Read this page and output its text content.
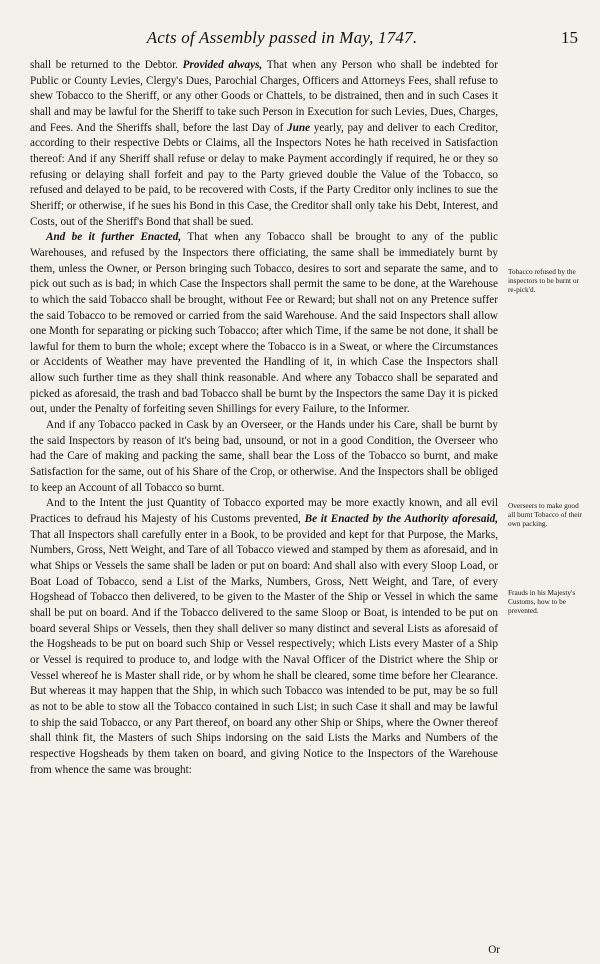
Acts of Assembly passed in May, 1747.	15

shall be returned to the Debtor. Provided always, That when any Person who shall be indebted for Public or County Levies, Clergy's Dues, Parochial Charges, Officers and Attorneys Fees, shall refuse to shew Tobacco to the Sheriff, or any other Goods or Chattels, to be distrained, then and in such Cases it shall and may be lawful for the Sheriff to take such Person in Execution for such Levies, Dues, Charges, and Fees. And the Sheriffs shall, before the last Day of June yearly, pay and deliver to each Creditor, according to their respective Debts or Claims, all the Inspectors Notes he hath received in Satisfaction thereof: And if any Sheriff shall refuse or delay to make Payment accordingly if required, he or they so refusing or delaying shall forfeit and pay to the Party grieved double the Value of the Tobacco, so refused and delayed to be paid, to be recovered with Costs, if the Party Creditor only inclines to sue the Sheriff; or otherwise, if he sues his Bond in this Case, the Creditor shall only take his Debt, Interest, and Costs, out of the Sheriff's Bond that shall be sued.

And be it further Enacted, That when any Tobacco shall be brought to any of the public Warehouses, and refused by the Inspectors there officiating, the same shall be immediately burnt by them, unless the Owner, or Person bringing such Tobacco, desires to sort and separate the same, and to pick out such as is bad; in which Case the Inspectors shall permit the same to be done, at the Warehouse to which the said Tobacco shall be brought, without Fee or Reward; but shall not on any Pretence suffer the said Tobacco to be removed or carried from the said Warehouse. And the said Inspectors shall allow one Month for separating or picking such Tobacco; after which Time, if the same be not done, it shall be lawful for them to burn the whole; except where the Tobacco is in a Sweat, or where the Circumstances or Accidents of Weather may have prevented the Handling of it, in which Case the Inspectors shall allow such further time as they shall think reasonable. And where any Tobacco shall be separated and picked as aforesaid, the trash and bad Tobacco shall be burnt by the Inspectors the same Day it is picked out, under the Penalty of forfeiting seven Shillings for every Failure, to the Informer.

And if any Tobacco packed in Cask by an Overseer, or the Hands under his Care, shall be burnt by the said Inspectors by reason of it's being bad, unsound, or not in a good Condition, the Overseer who had the Care of making and packing the same, shall bear the Loss of the Tobacco so burnt, and make Satisfaction for the same, out of his Share of the Crop, or otherwise. And the Inspectors shall be obliged to keep an Account of all Tobacco so burnt.

And to the Intent the just Quantity of Tobacco exported may be more exactly known, and all evil Practices to defraud his Majesty of his Customs prevented, Be it Enacted by the Authority aforesaid, That all Inspectors shall carefully enter in a Book, to be provided and kept for that Purpose, the Marks, Numbers, Gross, Nett Weight, and Tare of all Tobacco viewed and stamped by them as aforesaid, and in what Ships or Vessels the same shall be laden or put on board: And shall also with every Sloop Load, or Boat Load of Tobacco, send a List of the Marks, Numbers, Gross, Nett Weight, and Tare, of every Hogshead of Tobacco then delivered, to be given to the Master of the Ship or Vessel in which the same shall be put on board. And if the Tobacco delivered to the same Sloop or Boat, is intended to be put on board several Ships or Vessels, then they shall deliver so many distinct and several Lists as aforesaid of the Hogsheads to be put on board such Ship or Vessel respectively; which Lists every Master of a Ship or Vessel is required to produce to, and lodge with the Naval Officer of the District where the Ship or Vessel whereof he is Master shall ride, or by whom he shall be cleared, some time before her Clearance. But whereas it may happen that the Ship, in which such Tobacco was intended to be put, may be so full as not to be able to stow all the Tobacco contained in such List; in such Case it shall and may be lawful to ship the said Tobacco, or any Part thereof, on board any other Ship or Ships, where the Owner thereof shall think fit, the Masters of such Ships indorsing on the said Lists the Marks and Numbers of the respective Hogsheads by them taken on board, and giving Notice to the Inspectors of the Warehouse from whence the same was brought:

Or
Tobacco refused by the inspectors to be burnt or re-pick'd.
Overseers to make good all burnt Tobacco of their own packing.
Frauds in his Majesty's Customs, how to be prevented.
